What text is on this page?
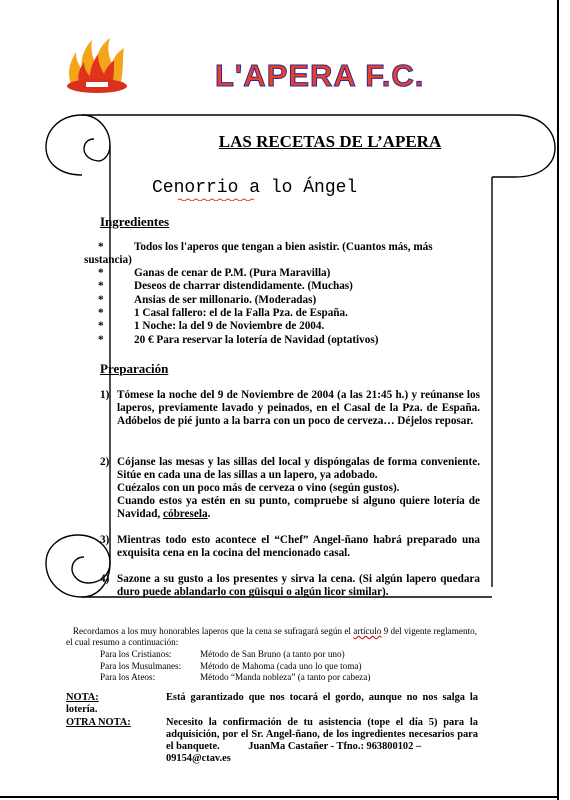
L'APERA F.C.
LAS RECETAS DE L’APERA
Cenorrio a lo Ángel
Ingredientes
*	Todos los l'aperos que tengan a bien asistir. (Cuantos más, más
sustancia)
*	Ganas de cenar de P.M. (Pura Maravilla)
*	Deseos de charrar distendidamente. (Muchas)
*	Ansias de ser millonario. (Moderadas)
*	1 Casal fallero: el de la Falla Pza. de España.
*	1 Noche: la del 9 de Noviembre de 2004.
*	20 € Para reservar la lotería de Navidad (optativos)
Preparación
1) Tómese la noche del 9 de Noviembre de 2004 (a las 21:45 h.) y reúnanse los laperos, previamente lavado y peinados, en el Casal de la Pza. de España. Adóbelos de pié junto a la barra con un poco de cerveza… Déjelos reposar.
2) Cójanse las mesas y las sillas del local y dispóngalas de forma conveniente. Sitúe en cada una de las sillas a un lapero, ya adobado.
Cuézalos con un poco más de cerveza o vino (según gustos).
Cuando estos ya estén en su punto, compruebe si alguno quiere lotería de Navidad, cóbresela.
3) Mientras todo esto acontece el “Chef” Angel-ñano habrá preparado una exquisita cena en la cocina del mencionado casal.
4) Sazone a su gusto a los presentes y sirva la cena. (Si algún lapero quedara duro puede ablandarlo con güisqui o algún licor similar).
Recordamos a los muy honorables laperos que la cena se sufragará según el artículo 9 del vigente reglamento, el cual resumo a continuación:
Para los Cristianos:	Método de San Bruno (a tanto por uno)
Para los Musulmanes: Método de Mahoma (cada uno lo que toma)
Para los Ateos:	Método “Manda nobleza” (a tanto por cabeza)
NOTA:	Está garantizado que nos tocará el gordo, aunque no nos salga la
lotería.
OTRA NOTA:	Necesito la confirmación de tu asistencia (tope el día 5) para la adquisición, por el Sr. Angel-ñano, de los ingredientes necesarios para el banquete.	JuanMa Castañer - Tfno.: 963800102 –
09154@ctav.es
